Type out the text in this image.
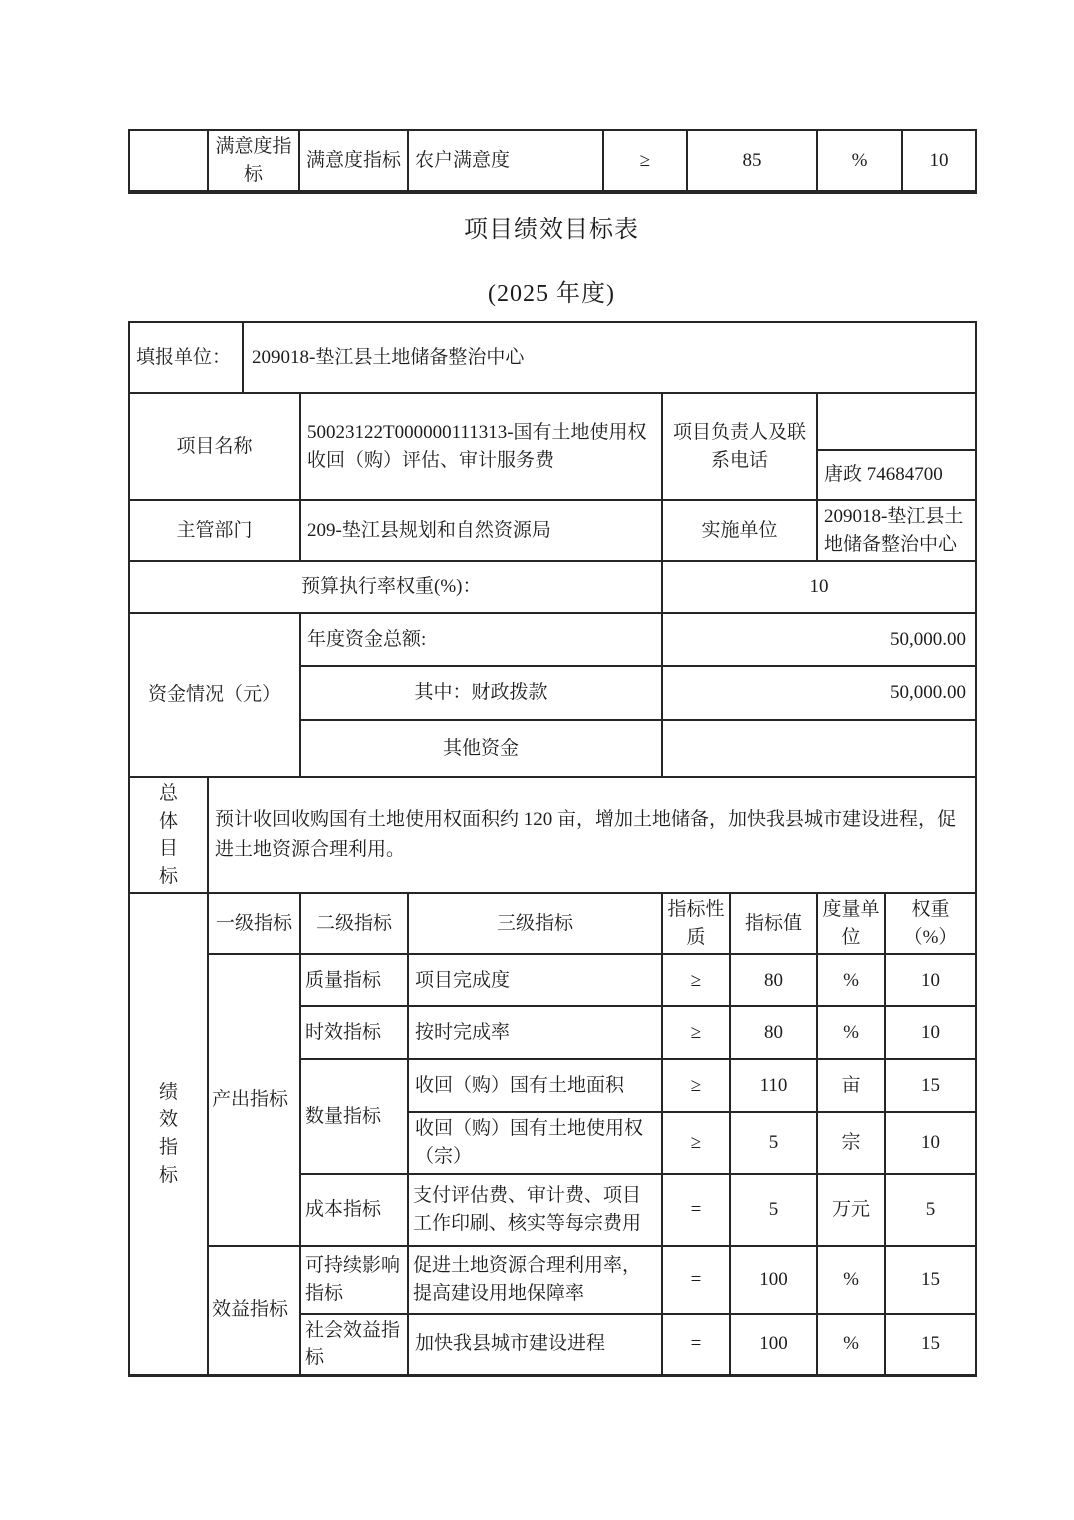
	满意度指标	满意度指标	农户满意度	≥	85	%	10
项目绩效目标表
(2025 年度)
填报单位：		209018-垫江县土地储备整治中心						
项目名称			50023122T000000111313-国有土地使用权收回（购）评估、审计服务费		项目负责人及联系电话			
							唐政 74684700	
主管部门			209-垫江县规划和自然资源局		实施单位		209018-垫江县土地储备整治中心	
预算执行率权重(%)：					10			
资金情况（元）			年度资金总额:		50,000.00			
			其中：财政拨款		50,000.00			
			其他资金					

总体目标	预计收回收购国有土地使用权面积约 120 亩，增加土地储备，加快我县城市建设进程，促进土地资源合理利用。							

绩效指标	一级指标		二级指标	三级指标	指标性质	指标值	度量单位	权重（%）
	产出指标		质量指标	项目完成度	≥	80	%	10
			时效指标	按时完成率	≥	80	%	10
			数量指标	收回（购）国有土地面积	≥	110	亩	15
				收回（购）国有土地使用权（宗）	≥	5	宗	10
			成本指标	支付评估费、审计费、项目工作印刷、核实等每宗费用	=	5	万元	5
	效益指标		可持续影响指标	促进土地资源合理利用率，提高建设用地保障率	=	100	%	15
			社会效益指标	加快我县城市建设进程	=	100	%	15
